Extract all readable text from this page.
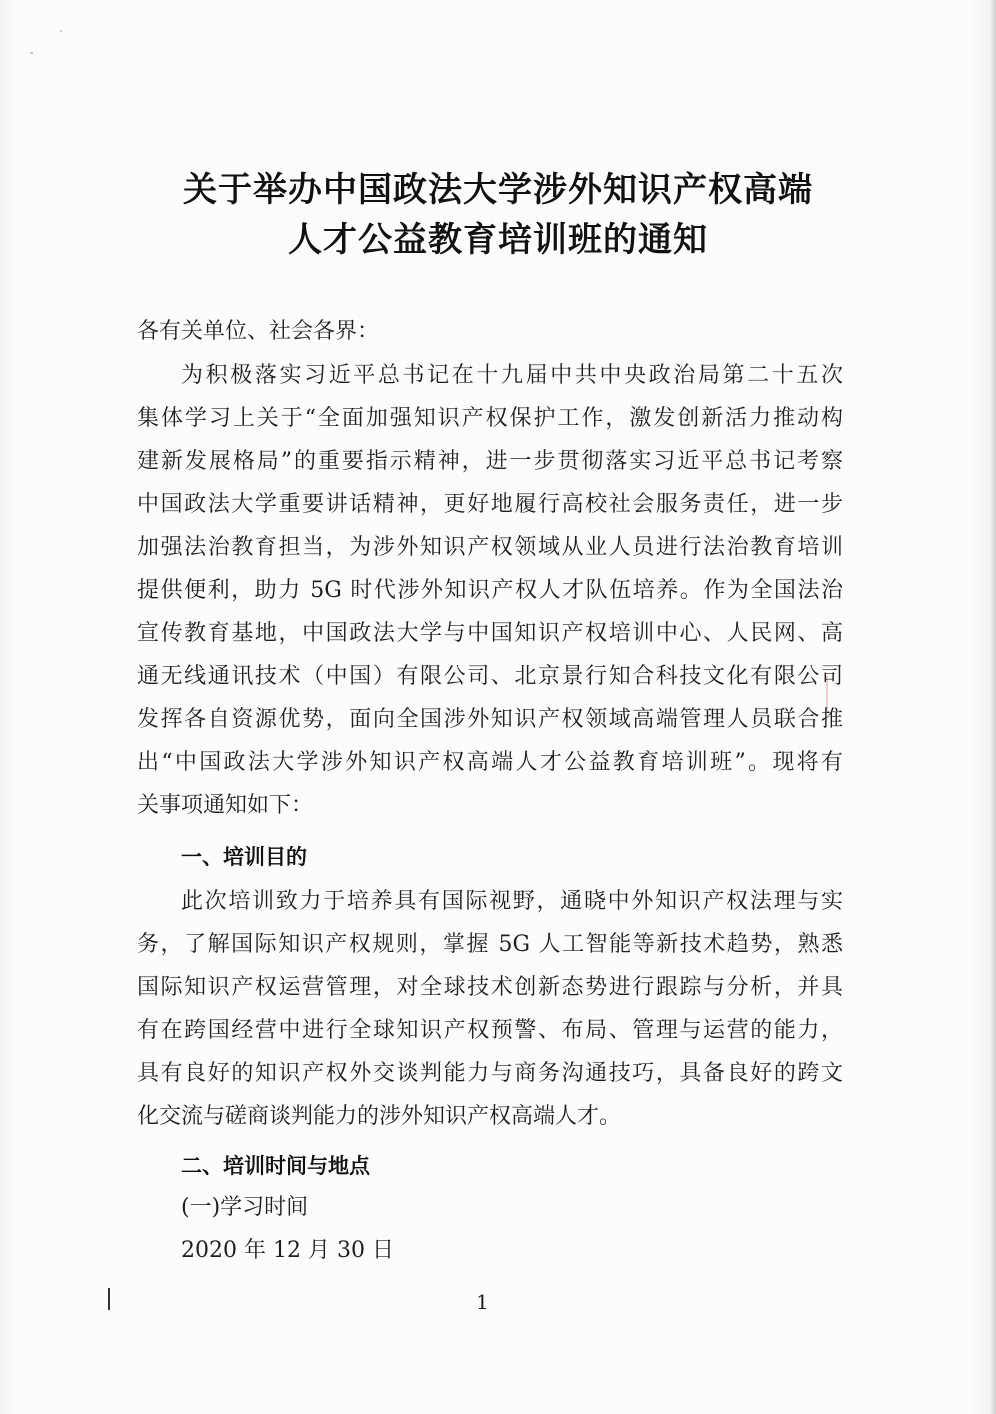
关于举办中国政法大学涉外知识产权高端
人才公益教育培训班的通知
各有关单位、社会各界：
为积极落实习近平总书记在十九届中共中央政治局第二十五次
集体学习上关于“全面加强知识产权保护工作，激发创新活力推动构
建新发展格局”的重要指示精神，进一步贯彻落实习近平总书记考察
中国政法大学重要讲话精神，更好地履行高校社会服务责任，进一步
加强法治教育担当，为涉外知识产权领域从业人员进行法治教育培训
提供便利，助力 5G 时代涉外知识产权人才队伍培养。作为全国法治
宣传教育基地，中国政法大学与中国知识产权培训中心、人民网、高
通无线通讯技术（中国）有限公司、北京景行知合科技文化有限公司
发挥各自资源优势，面向全国涉外知识产权领域高端管理人员联合推
出“中国政法大学涉外知识产权高端人才公益教育培训班”。现将有
关事项通知如下：
一、培训目的
此次培训致力于培养具有国际视野，通晓中外知识产权法理与实
务，了解国际知识产权规则，掌握 5G 人工智能等新技术趋势，熟悉
国际知识产权运营管理，对全球技术创新态势进行跟踪与分析，并具
有在跨国经营中进行全球知识产权预警、布局、管理与运营的能力，
具有良好的知识产权外交谈判能力与商务沟通技巧，具备良好的跨文
化交流与磋商谈判能力的涉外知识产权高端人才。
二、培训时间与地点
(一)学习时间
2020 年 12 月 30 日
1
